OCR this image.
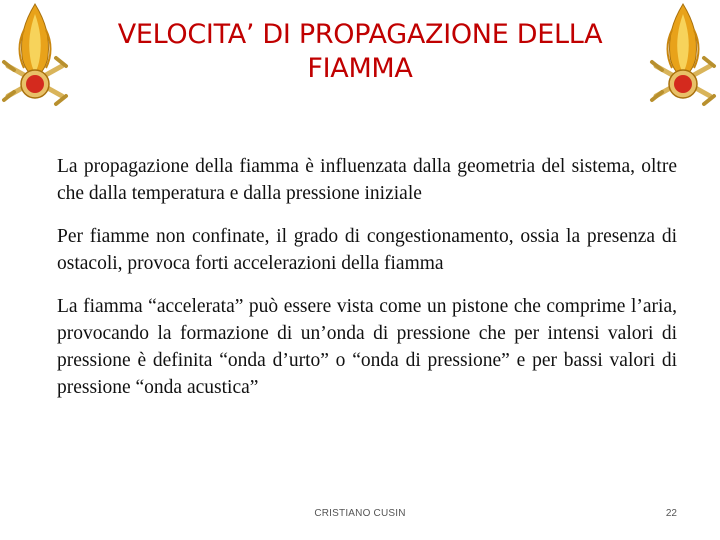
VELOCITA’ DI PROPAGAZIONE DELLA FIAMMA

La propagazione della fiamma è influenzata dalla geometria del sistema, oltre che dalla temperatura e dalla pressione iniziale

Per fiamme non confinate, il grado di congestionamento, ossia la presenza di ostacoli, provoca forti accelerazioni della fiamma

La fiamma “accelerata” può essere vista come un pistone che comprime l’aria, provocando la formazione di un’onda di pressione che per intensi valori di pressione è definita “onda d’urto” o “onda di pressione” e per bassi valori di pressione “onda acustica”

CRISTIANO CUSIN	22
